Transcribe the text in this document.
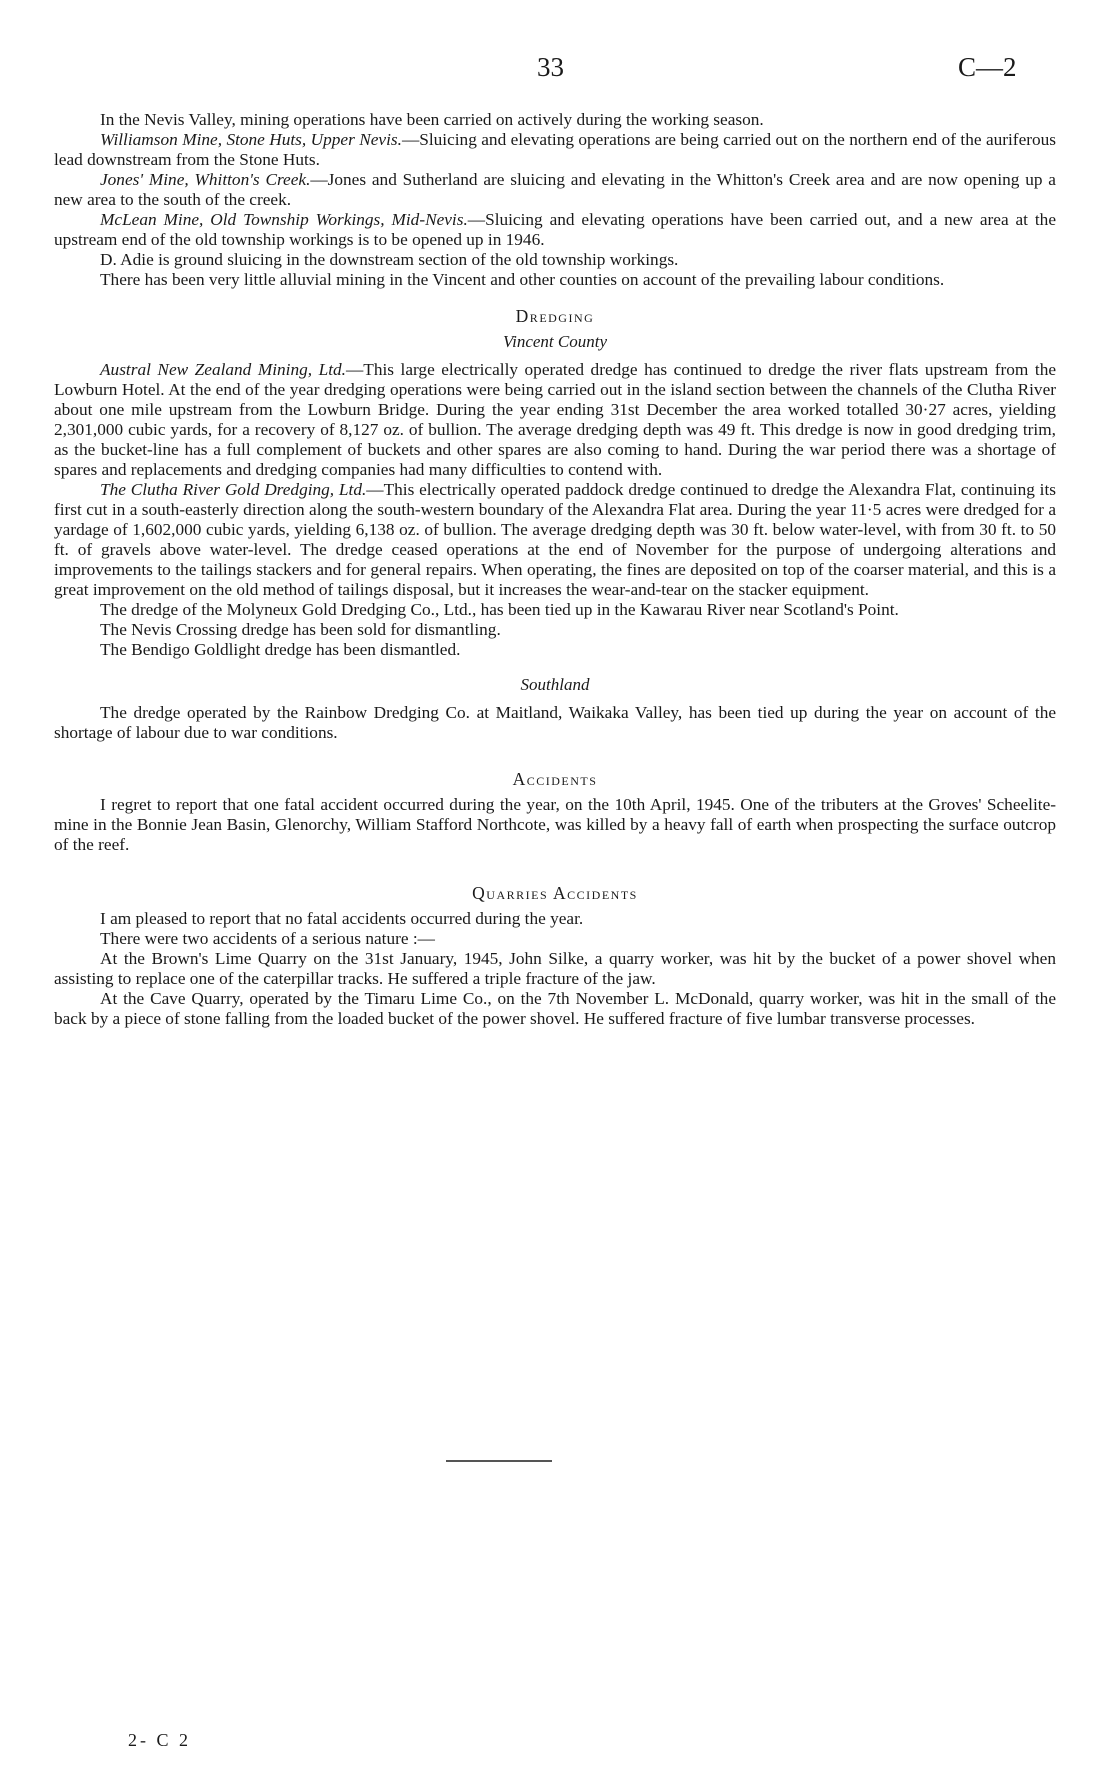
33	C—2

In the Nevis Valley, mining operations have been carried on actively during the working season.

Williamson Mine, Stone Huts, Upper Nevis.—Sluicing and elevating operations are being carried out on the northern end of the auriferous lead downstream from the Stone Huts.

Jones' Mine, Whitton's Creek.—Jones and Sutherland are sluicing and elevating in the Whitton's Creek area and are now opening up a new area to the south of the creek.

McLean Mine, Old Township Workings, Mid-Nevis.—Sluicing and elevating operations have been carried out, and a new area at the upstream end of the old township workings is to be opened up in 1946.

D. Adie is ground sluicing in the downstream section of the old township workings.

There has been very little alluvial mining in the Vincent and other counties on account of the prevailing labour conditions.

Dredging
Vincent County

Austral New Zealand Mining, Ltd.—This large electrically operated dredge has continued to dredge the river flats upstream from the Lowburn Hotel. At the end of the year dredging operations were being carried out in the island section between the channels of the Clutha River about one mile upstream from the Lowburn Bridge. During the year ending 31st December the area worked totalled 30·27 acres, yielding 2,301,000 cubic yards, for a recovery of 8,127 oz. of bullion. The average dredging depth was 49 ft. This dredge is now in good dredging trim, as the bucket-line has a full complement of buckets and other spares are also coming to hand. During the war period there was a shortage of spares and replacements and dredging companies had many difficulties to contend with.

The Clutha River Gold Dredging, Ltd.—This electrically operated paddock dredge continued to dredge the Alexandra Flat, continuing its first cut in a south-easterly direction along the south-western boundary of the Alexandra Flat area. During the year 11·5 acres were dredged for a yardage of 1,602,000 cubic yards, yielding 6,138 oz. of bullion. The average dredging depth was 30 ft. below water-level, with from 30 ft. to 50 ft. of gravels above water-level. The dredge ceased operations at the end of November for the purpose of undergoing alterations and improvements to the tailings stackers and for general repairs. When operating, the fines are deposited on top of the coarser material, and this is a great improvement on the old method of tailings disposal, but it increases the wear-and-tear on the stacker equipment.

The dredge of the Molyneux Gold Dredging Co., Ltd., has been tied up in the Kawarau River near Scotland's Point.

The Nevis Crossing dredge has been sold for dismantling.

The Bendigo Goldlight dredge has been dismantled.

Southland

The dredge operated by the Rainbow Dredging Co. at Maitland, Waikaka Valley, has been tied up during the year on account of the shortage of labour due to war conditions.

Accidents

I regret to report that one fatal accident occurred during the year, on the 10th April, 1945. One of the tributers at the Groves' Scheelite-mine in the Bonnie Jean Basin, Glenorchy, William Stafford Northcote, was killed by a heavy fall of earth when prospecting the surface outcrop of the reef.

Quarries Accidents

I am pleased to report that no fatal accidents occurred during the year.

There were two accidents of a serious nature :—

At the Brown's Lime Quarry on the 31st January, 1945, John Silke, a quarry worker, was hit by the bucket of a power shovel when assisting to replace one of the caterpillar tracks. He suffered a triple fracture of the jaw.

At the Cave Quarry, operated by the Timaru Lime Co., on the 7th November L. McDonald, quarry worker, was hit in the small of the back by a piece of stone falling from the loaded bucket of the power shovel. He suffered fracture of five lumbar transverse processes.

2- C 2
